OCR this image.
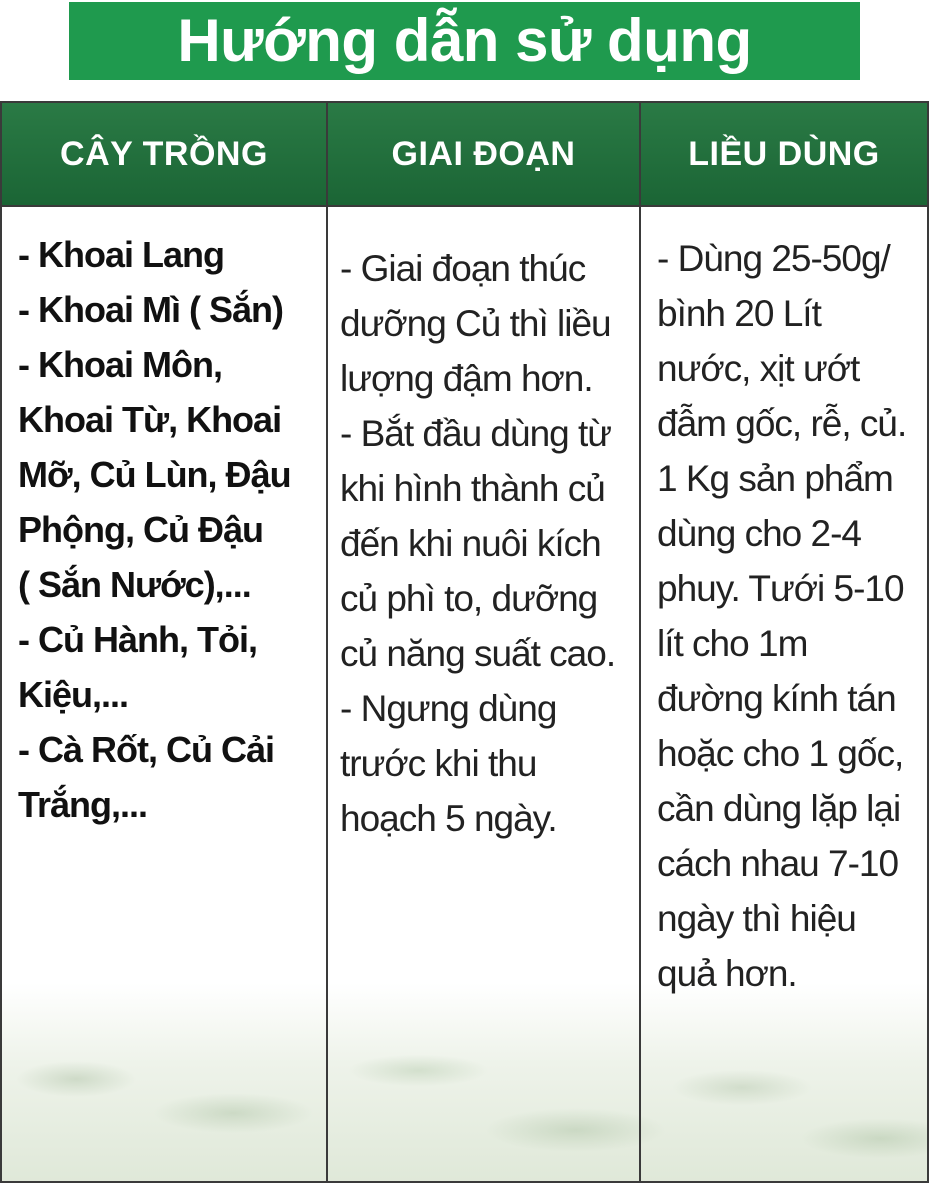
Hướng dẫn sử dụng
CÂY TRỒNG	GIAI ĐOẠN	LIỀU DÙNG
- Khoai Lang
- Khoai Mì ( Sắn)
- Khoai Môn,
Khoai Từ, Khoai
Mỡ, Củ Lùn, Đậu
Phộng, Củ Đậu
( Sắn Nước),...
- Củ Hành, Tỏi,
Kiệu,...
- Cà Rốt, Củ Cải
Trắng,...
- Giai đoạn thúc
dưỡng Củ thì liều
lượng đậm hơn.
- Bắt đầu dùng từ
khi hình thành củ
đến khi nuôi kích
củ phì to, dưỡng
củ năng suất cao.
- Ngưng dùng
trước khi thu
hoạch 5 ngày.
- Dùng 25-50g/
bình 20 Lít
nước, xịt ướt
đẫm gốc, rễ, củ.
1 Kg sản phẩm
dùng cho 2-4
phuy. Tưới 5-10
lít cho 1m
đường kính tán
hoặc cho 1 gốc,
cần dùng lặp lại
cách nhau 7-10
ngày thì hiệu
quả hơn.
